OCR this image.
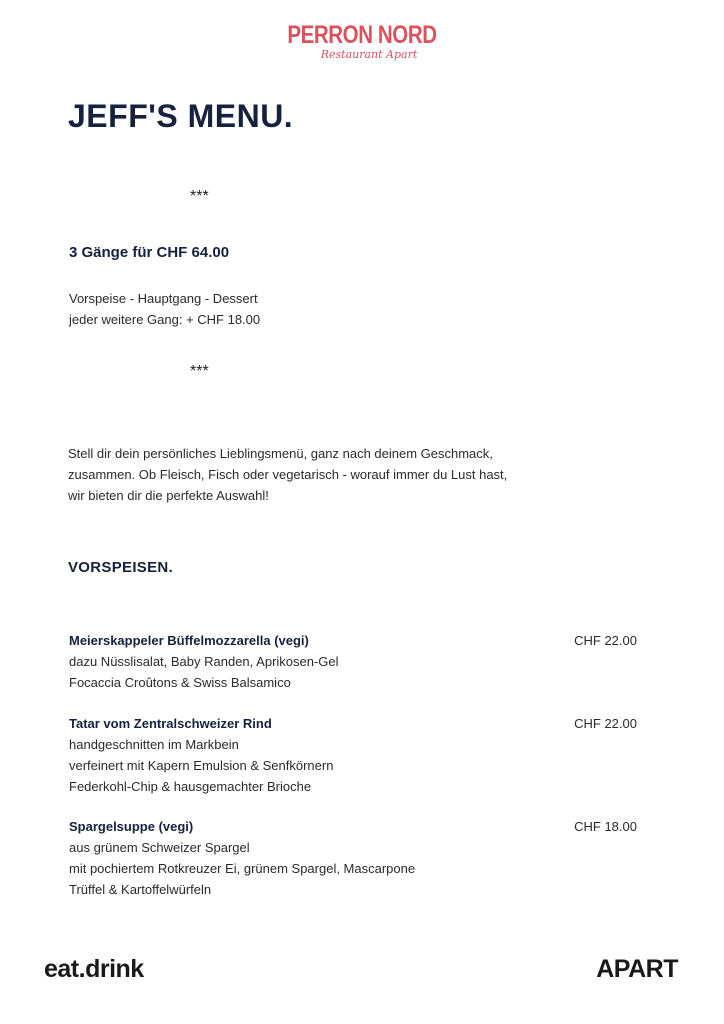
PERRON NORD
Restaurant Apart
JEFF'S MENU.
***
3 Gänge für CHF 64.00
Vorspeise - Hauptgang - Dessert
jeder weitere Gang: + CHF 18.00
***
Stell dir dein persönliches Lieblingsmenü, ganz nach deinem Geschmack,
zusammen. Ob Fleisch, Fisch oder vegetarisch - worauf immer du Lust hast,
wir bieten dir die perfekte Auswahl!
VORSPEISEN.
Meierskappeler Büffelmozzarella (vegi)	CHF 22.00
dazu Nüsslisalat, Baby Randen, Aprikosen-Gel
Focaccia Croûtons & Swiss Balsamico
Tatar vom Zentralschweizer Rind	CHF 22.00
handgeschnitten im Markbein
verfeinert mit Kapern Emulsion & Senfkörnern
Federkohl-Chip & hausgemachter Brioche
Spargelsuppe (vegi)	CHF 18.00
aus grünem Schweizer Spargel
mit pochiertem Rotkreuzer Ei, grünem Spargel, Mascarpone
Trüffel & Kartoffelwürfeln
eat.drink	APART
